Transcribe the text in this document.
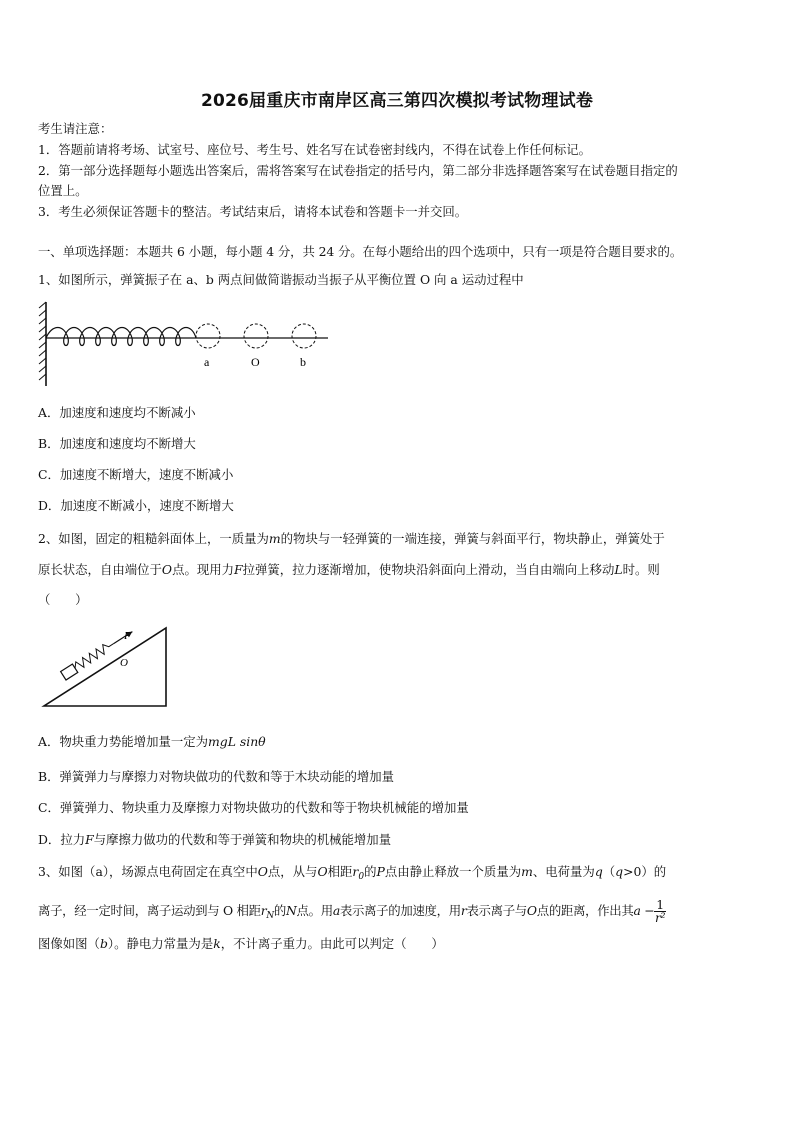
2026届重庆市南岸区高三第四次模拟考试物理试卷
考生请注意：
1．答题前请将考场、试室号、座位号、考生号、姓名写在试卷密封线内，不得在试卷上作任何标记。
2．第一部分选择题每小题选出答案后，需将答案写在试卷指定的括号内，第二部分非选择题答案写在试卷题目指定的
位置上。
3．考生必须保证答题卡的整洁。考试结束后，请将本试卷和答题卡一并交回。
一、单项选择题：本题共 6 小题，每小题 4 分，共 24 分。在每小题给出的四个选项中，只有一项是符合题目要求的。
1、如图所示，弹簧振子在 a、b 两点间做简谐振动当振子从平衡位置 O 向 a 运动过程中
a	O	b
A．加速度和速度均不断减小
B．加速度和速度均不断增大
C．加速度不断增大，速度不断减小
D．加速度不断减小，速度不断增大
2、如图，固定的粗糙斜面体上，一质量为m的物块与一轻弹簧的一端连接，弹簧与斜面平行，物块静止，弹簧处于
原长状态，自由端位于O点。现用力F拉弹簧，拉力逐渐增加，使物块沿斜面向上滑动，当自由端向上移动L时。则
（　　）
F
O
A．物块重力势能增加量一定为mgL sinθ
B．弹簧弹力与摩擦力对物块做功的代数和等于木块动能的增加量
C．弹簧弹力、物块重力及摩擦力对物块做功的代数和等于物块机械能的增加量
D．拉力F与摩擦力做功的代数和等于弹簧和物块的机械能增加量
3、如图（a），场源点电荷固定在真空中O点，从与O相距$r_0$的P点由静止释放一个质量为m、电荷量为q（q>0）的
离子，经一定时间，离子运动到与 O 相距$r_N$的N点。用a表示离子的加速度，用r表示离子与O点的距离，作出其$a - \frac{1}{\text{r²}}$
图像如图（b）。静电力常量为是k，不计离子重力。由此可以判定（　　）
